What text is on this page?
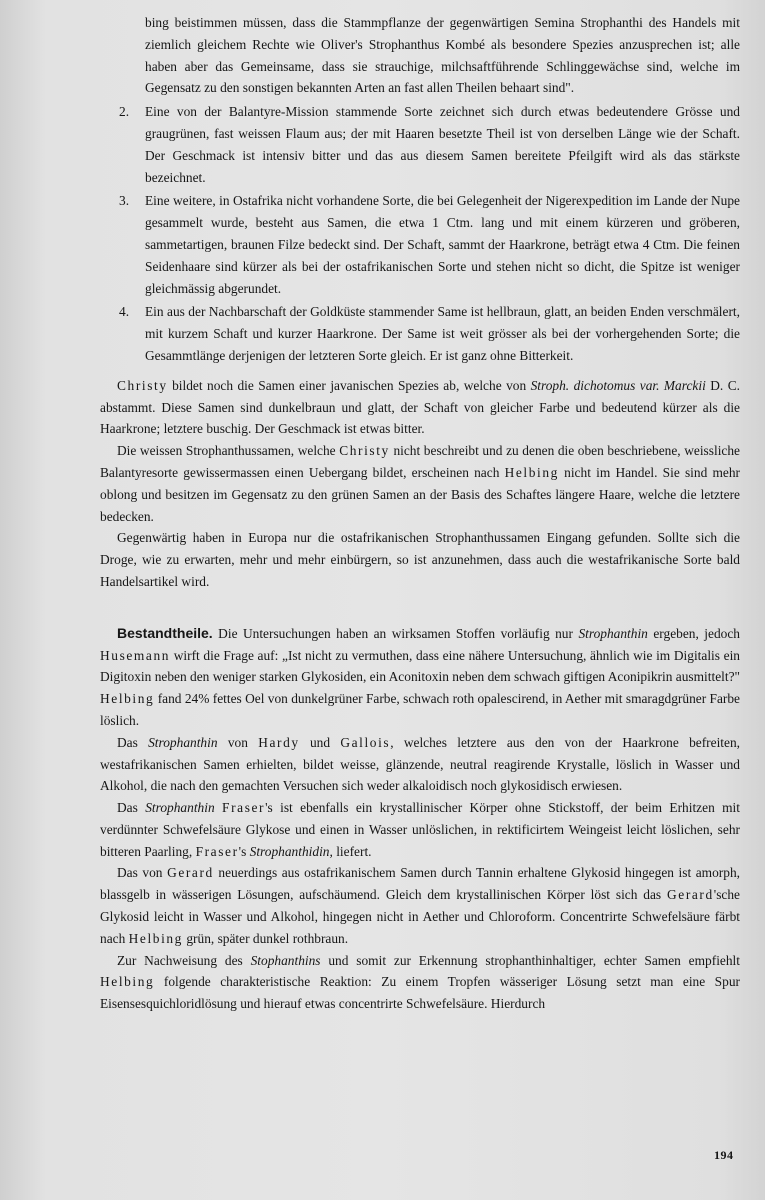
bing beistimmen müssen, dass die Stammpflanze der gegenwärtigen Semina Strophanthi des Handels mit ziemlich gleichem Rechte wie Oliver's Strophanthus Kombé als besondere Spezies anzusprechen ist; alle haben aber das Gemeinsame, dass sie strauchige, milchsaftführende Schlinggewächse sind, welche im Gegensatz zu den sonstigen bekannten Arten an fast allen Theilen behaart sind".

2. Eine von der Balantyre-Mission stammende Sorte zeichnet sich durch etwas bedeutendere Grösse und graugrünen, fast weissen Flaum aus; der mit Haaren besetzte Theil ist von derselben Länge wie der Schaft. Der Geschmack ist intensiv bitter und das aus diesem Samen bereitete Pfeilgift wird als das stärkste bezeichnet.
3. Eine weitere, in Ostafrika nicht vorhandene Sorte, die bei Gelegenheit der Nigerexpedition im Lande der Nupe gesammelt wurde, besteht aus Samen, die etwa 1 Ctm. lang und mit einem kürzeren und gröberen, sammetartigen, braunen Filze bedeckt sind. Der Schaft, sammt der Haarkrone, beträgt etwa 4 Ctm. Die feinen Seidenhaare sind kürzer als bei der ostafrikanischen Sorte und stehen nicht so dicht, die Spitze ist weniger gleichmässig abgerundet.
4. Ein aus der Nachbarschaft der Goldküste stammender Same ist hellbraun, glatt, an beiden Enden verschmälert, mit kurzem Schaft und kurzer Haarkrone. Der Same ist weit grösser als bei der vorhergehenden Sorte; die Gesammtlänge derjenigen der letzteren Sorte gleich. Er ist ganz ohne Bitterkeit.

Christy bildet noch die Samen einer javanischen Spezies ab, welche von Stroph. dichotomus var. Marckii D. C. abstammt. Diese Samen sind dunkelbraun und glatt, der Schaft von gleicher Farbe und bedeutend kürzer als die Haarkrone; letztere buschig. Der Geschmack ist etwas bitter.

Die weissen Strophanthussamen, welche Christy nicht beschreibt und zu denen die oben beschriebene, weissliche Balantyresorte gewissermassen einen Uebergang bildet, erscheinen nach Helbing nicht im Handel. Sie sind mehr oblong und besitzen im Gegensatz zu den grünen Samen an der Basis des Schaftes längere Haare, welche die letztere bedecken.

Gegenwärtig haben in Europa nur die ostafrikanischen Strophanthussamen Eingang gefunden. Sollte sich die Droge, wie zu erwarten, mehr und mehr einbürgern, so ist anzunehmen, dass auch die westafrikanische Sorte bald Handelsartikel wird.

Bestandtheile. Die Untersuchungen haben an wirksamen Stoffen vorläufig nur Strophanthin ergeben, jedoch Husemann wirft die Frage auf: „Ist nicht zu vermuthen, dass eine nähere Untersuchung, ähnlich wie im Digitalis ein Digitoxin neben den weniger starken Glykosiden, ein Aconitoxin neben dem schwach giftigen Aconipikrin ausmittelt?" Helbing fand 24% fettes Oel von dunkelgrüner Farbe, schwach roth opalescirend, in Aether mit smaragdgrüner Farbe löslich.

Das Strophanthin von Hardy und Gallois, welches letztere aus den von der Haarkrone befreiten, westafrikanischen Samen erhielten, bildet weisse, glänzende, neutral reagirende Krystalle, löslich in Wasser und Alkohol, die nach den gemachten Versuchen sich weder alkaloidisch noch glykosidisch erwiesen.

Das Strophanthin Fraser's ist ebenfalls ein krystallinischer Körper ohne Stickstoff, der beim Erhitzen mit verdünnter Schwefelsäure Glykose und einen in Wasser unlöslichen, in rektificirtem Weingeist leicht löslichen, sehr bitteren Paarling, Fraser's Strophanthidin, liefert.

Das von Gerard neuerdings aus ostafrikanischem Samen durch Tannin erhaltene Glykosid hingegen ist amorph, blassgelb in wässerigen Lösungen, aufschäumend. Gleich dem krystallinischen Körper löst sich das Gerard'sche Glykosid leicht in Wasser und Alkohol, hingegen nicht in Aether und Chloroform. Concentrirte Schwefelsäure färbt nach Helbing grün, später dunkel rothbraun.

Zur Nachweisung des Stophanthins und somit zur Erkennung strophanthinhaltiger, echter Samen empfiehlt Helbing folgende charakteristische Reaktion: Zu einem Tropfen wässeriger Lösung setzt man eine Spur Eisensesquichloridlösung und hierauf etwas concentrirte Schwefelsäure. Hierdurch

194
